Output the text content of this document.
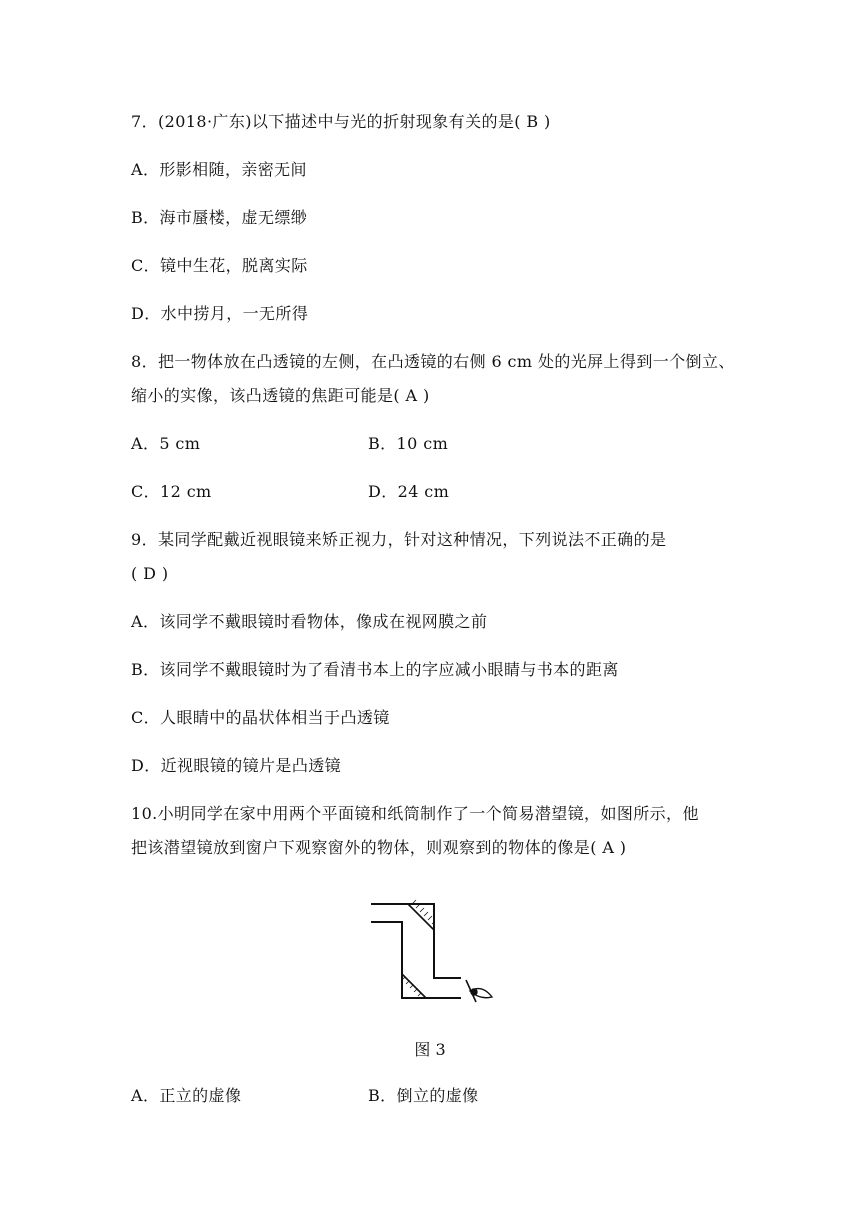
7．(2018·广东)以下描述中与光的折射现象有关的是( B )
A．形影相随，亲密无间
B．海市蜃楼，虚无缥缈
C．镜中生花，脱离实际
D．水中捞月，一无所得
8．把一物体放在凸透镜的左侧，在凸透镜的右侧 6 cm 处的光屏上得到一个倒立、
缩小的实像，该凸透镜的焦距可能是( A )
A．5 cm	B．10 cm
C．12 cm	D．24 cm
9．某同学配戴近视眼镜来矫正视力，针对这种情况，下列说法不正确的是
( D )
A．该同学不戴眼镜时看物体，像成在视网膜之前
B．该同学不戴眼镜时为了看清书本上的字应减小眼睛与书本的距离
C．人眼睛中的晶状体相当于凸透镜
D．近视眼镜的镜片是凸透镜
10.小明同学在家中用两个平面镜和纸筒制作了一个简易潜望镜，如图所示，他
把该潜望镜放到窗户下观察窗外的物体，则观察到的物体的像是( A )
图 3
A．正立的虚像	B．倒立的虚像
